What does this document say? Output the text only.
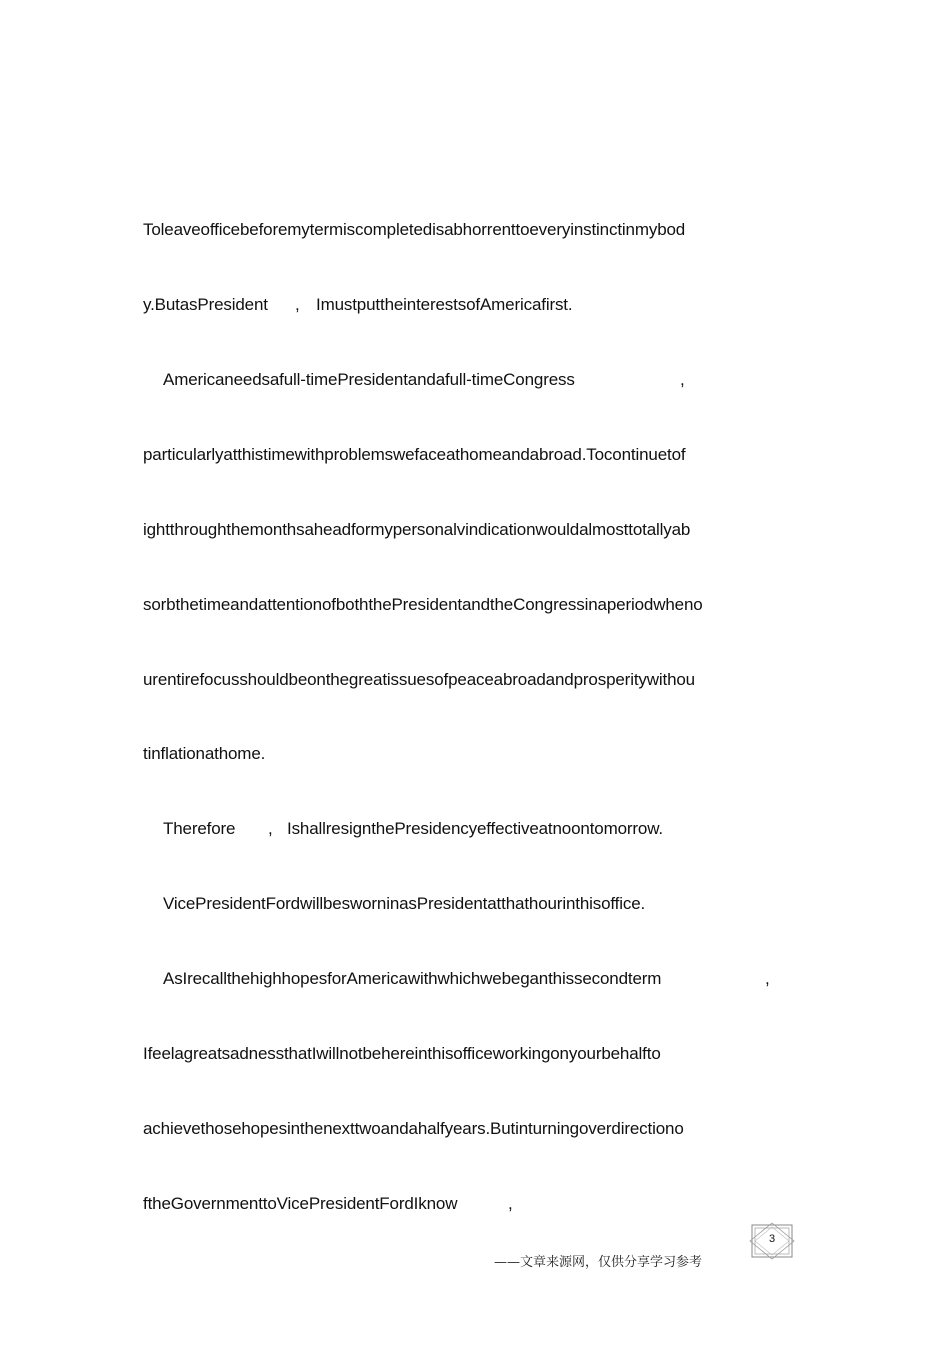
Toleaveofficebeforemytermiscompletedisabhorrenttoeveryinstinctinmybod
y.ButasPresident , ImustputtheinterestsofAmericafirst.
Americaneedsafull-timePresidentandafull-timeCongress	,
particularlyatthistimewithproblemswefaceathomeandabroad.Tocontinuetof
ightthroughthemonthsaheadformypersonalvindicationwouldalmosttotallyab
sorbthetimeandattentionofboththePresidentandtheCongressinaperiodwheno
urentirefocusshouldbeonthegreatissuesofpeaceabroadandprosperitywithou
tinflationathome.
Therefore , IshallresignthePresidencyeffectiveatnoontomorrow.
VicePresidentFordwillbesworninasPresidentatthathourinthisoffice.
AsIrecallthehighhopesforAmericawithwhichwebeganthissecondterm	,
IfeelagreatsadnessthatIwillnotbehereinthisofficeworkingonyourbehalfto
achievethosehopesinthenexttwoandahalfyears.Butinturningoverdirectiono
ftheGovernmenttoVicePresidentFordIknow	,
3
——文章来源网，仅供分享学习参考
